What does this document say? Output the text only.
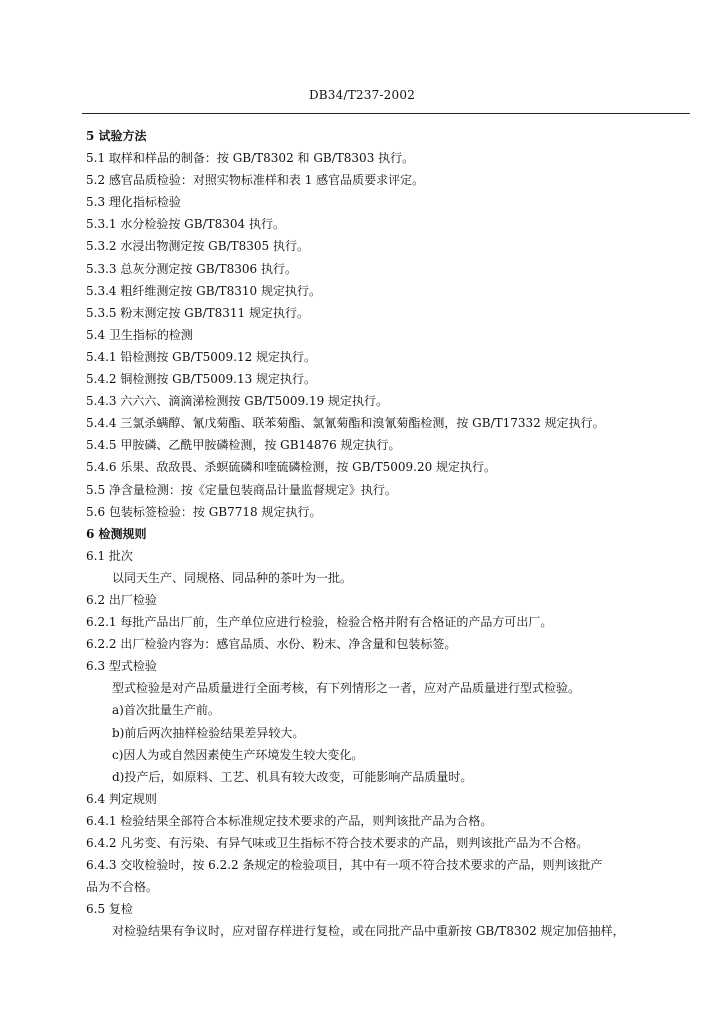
DB34/T237-2002
5 试验方法
5.1 取样和样品的制备：按 GB/T8302 和 GB/T8303 执行。
5.2 感官品质检验：对照实物标准样和表 1 感官品质要求评定。
5.3 理化指标检验
5.3.1 水分检验按 GB/T8304 执行。
5.3.2 水浸出物测定按 GB/T8305 执行。
5.3.3 总灰分测定按 GB/T8306 执行。
5.3.4 粗纤维测定按 GB/T8310 规定执行。
5.3.5 粉末测定按 GB/T8311 规定执行。
5.4 卫生指标的检测
5.4.1 铅检测按 GB/T5009.12 规定执行。
5.4.2 铜检测按 GB/T5009.13 规定执行。
5.4.3 六六六、滴滴涕检测按 GB/T5009.19 规定执行。
5.4.4 三氯杀螨醇、氰戊菊酯、联苯菊酯、氯氰菊酯和溴氰菊酯检测，按 GB/T17332 规定执行。
5.4.5 甲胺磷、乙酰甲胺磷检测，按 GB14876 规定执行。
5.4.6 乐果、敌敌畏、杀螟硫磷和喹硫磷检测，按 GB/T5009.20 规定执行。
5.5 净含量检测：按《定量包装商品计量监督规定》执行。
5.6 包装标签检验：按 GB7718 规定执行。
6 检测规则
6.1 批次
以同天生产、同规格、同品种的茶叶为一批。
6.2 出厂检验
6.2.1 每批产品出厂前，生产单位应进行检验，检验合格并附有合格证的产品方可出厂。
6.2.2 出厂检验内容为：感官品质、水份、粉末、净含量和包装标签。
6.3 型式检验
型式检验是对产品质量进行全面考核，有下列情形之一者，应对产品质量进行型式检验。
a)首次批量生产前。
b)前后两次抽样检验结果差异较大。
c)因人为或自然因素使生产环境发生较大变化。
d)投产后，如原料、工艺、机具有较大改变，可能影响产品质量时。
6.4 判定规则
6.4.1 检验结果全部符合本标准规定技术要求的产品，则判该批产品为合格。
6.4.2 凡劣变、有污染、有异气味或卫生指标不符合技术要求的产品，则判该批产品为不合格。
6.4.3 交收检验时，按 6.2.2 条规定的检验项目，其中有一项不符合技术要求的产品，则判该批产
品为不合格。
6.5 复检
对检验结果有争议时，应对留存样进行复检，或在同批产品中重新按 GB/T8302 规定加倍抽样，
